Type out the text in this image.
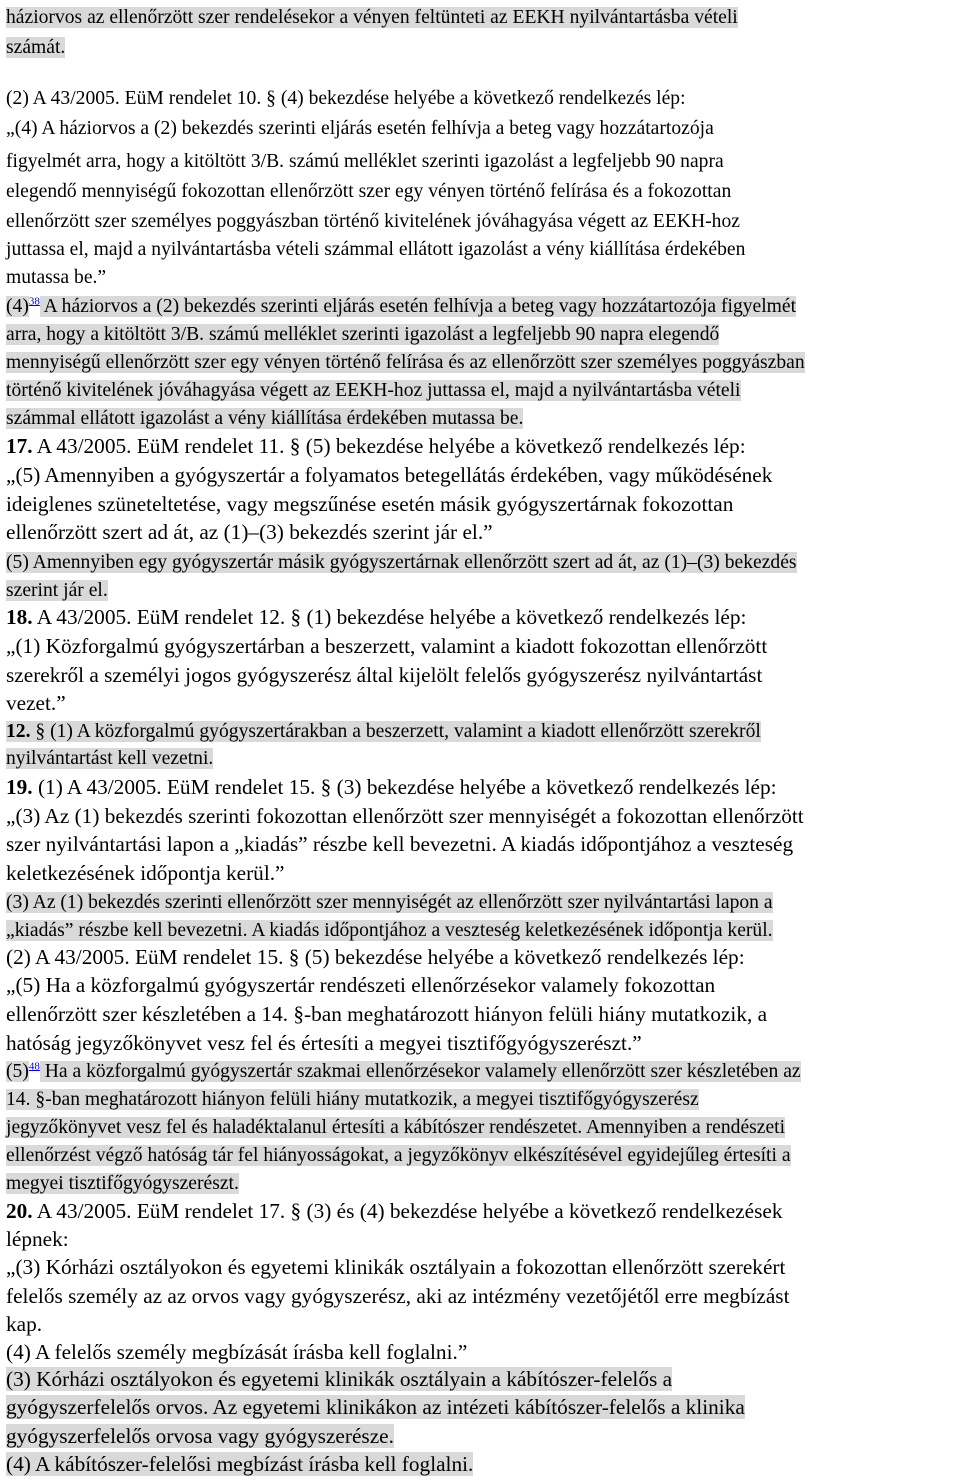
háziorvos az ellenőrzött szer rendelésekor a vényen feltünteti az EEKH nyilvántartásba vételi
számát.
(2) A 43/2005. EüM rendelet 10. § (4) bekezdése helyébe a következő rendelkezés lép:
„(4) A háziorvos a (2) bekezdés szerinti eljárás esetén felhívja a beteg vagy hozzátartozója
figyelmét arra, hogy a kitöltött 3/B. számú melléklet szerinti igazolást a legfeljebb 90 napra
elegendő mennyiségű fokozottan ellenőrzött szer egy vényen történő felírása és a fokozottan
ellenőrzött szer személyes poggyászban történő kivitelének jóváhagyása végett az EEKH-hoz
juttassa el, majd a nyilvántartásba vételi számmal ellátott igazolást a vény kiállítása érdekében
mutassa be.”
$(4)^{38}$ A háziorvos a (2) bekezdés szerinti eljárás esetén felhívja a beteg vagy hozzátartozója figyelmét
arra, hogy a kitöltött 3/B. számú melléklet szerinti igazolást a legfeljebb 90 napra elegendő
mennyiségű ellenőrzött szer egy vényen történő felírása és az ellenőrzött szer személyes poggyászban
történő kivitelének jóváhagyása végett az EEKH-hoz juttassa el, majd a nyilvántartásba vételi
számmal ellátott igazolást a vény kiállítása érdekében mutassa be.
17. A 43/2005. EüM rendelet 11. § (5) bekezdése helyébe a következő rendelkezés lép:
„(5) Amennyiben a gyógyszertár a folyamatos betegellátás érdekében, vagy működésének
ideiglenes szüneteltetése, vagy megszűnése esetén másik gyógyszertárnak fokozottan
ellenőrzött szert ad át, az (1)–(3) bekezdés szerint jár el.”
(5) Amennyiben egy gyógyszertár másik gyógyszertárnak ellenőrzött szert ad át, az (1)–(3) bekezdés
szerint jár el.
18. A 43/2005. EüM rendelet 12. § (1) bekezdése helyébe a következő rendelkezés lép:
„(1) Közforgalmú gyógyszertárban a beszerzett, valamint a kiadott fokozottan ellenőrzött
szerekről a személyi jogos gyógyszerész által kijelölt felelős gyógyszerész nyilvántartást
vezet.”
12. § (1) A közforgalmú gyógyszertárakban a beszerzett, valamint a kiadott ellenőrzött szerekről
nyilvántartást kell vezetni.
19. (1) A 43/2005. EüM rendelet 15. § (3) bekezdése helyébe a következő rendelkezés lép:
„(3) Az (1) bekezdés szerinti fokozottan ellenőrzött szer mennyiségét a fokozottan ellenőrzött
szer nyilvántartási lapon a „kiadás” részbe kell bevezetni. A kiadás időpontjához a veszteség
keletkezésének időpontja kerül.”
(3) Az (1) bekezdés szerinti ellenőrzött szer mennyiségét az ellenőrzött szer nyilvántartási lapon a
„kiadás” részbe kell bevezetni. A kiadás időpontjához a veszteség keletkezésének időpontja kerül.
(2) A 43/2005. EüM rendelet 15. § (5) bekezdése helyébe a következő rendelkezés lép:
„(5) Ha a közforgalmú gyógyszertár rendészeti ellenőrzésekor valamely fokozottan
ellenőrzött szer készletében a 14. §-ban meghatározott hiányon felüli hiány mutatkozik, a
hatóság jegyzőkönyvet vesz fel és értesíti a megyei tisztifőgyógyszerészt.”
$(5)^{48}$ Ha a közforgalmú gyógyszertár szakmai ellenőrzésekor valamely ellenőrzött szer készletében az
14. §-ban meghatározott hiányon felüli hiány mutatkozik, a megyei tisztifőgyógyszerész
jegyzőkönyvet vesz fel és haladéktalanul értesíti a kábítószer rendészetet. Amennyiben a rendészeti
ellenőrzést végző hatóság tár fel hiányosságokat, a jegyzőkönyv elkészítésével egyidejűleg értesíti a
megyei tisztifőgyógyszerészt.
20. A 43/2005. EüM rendelet 17. § (3) és (4) bekezdése helyébe a következő rendelkezések
lépnek:
„(3) Kórházi osztályokon és egyetemi klinikák osztályain a fokozottan ellenőrzött szerekért
felelős személy az az orvos vagy gyógyszerész, aki az intézmény vezetőjétől erre megbízást
kap.
(4) A felelős személy megbízását írásba kell foglalni.”
(3) Kórházi osztályokon és egyetemi klinikák osztályain a kábítószer-felelős a
gyógyszerfelelős orvos. Az egyetemi klinikákon az intézeti kábítószer-felelős a klinika
gyógyszerfelelős orvosa vagy gyógyszerésze.
(4) A kábítószer-felelősi megbízást írásba kell foglalni.
